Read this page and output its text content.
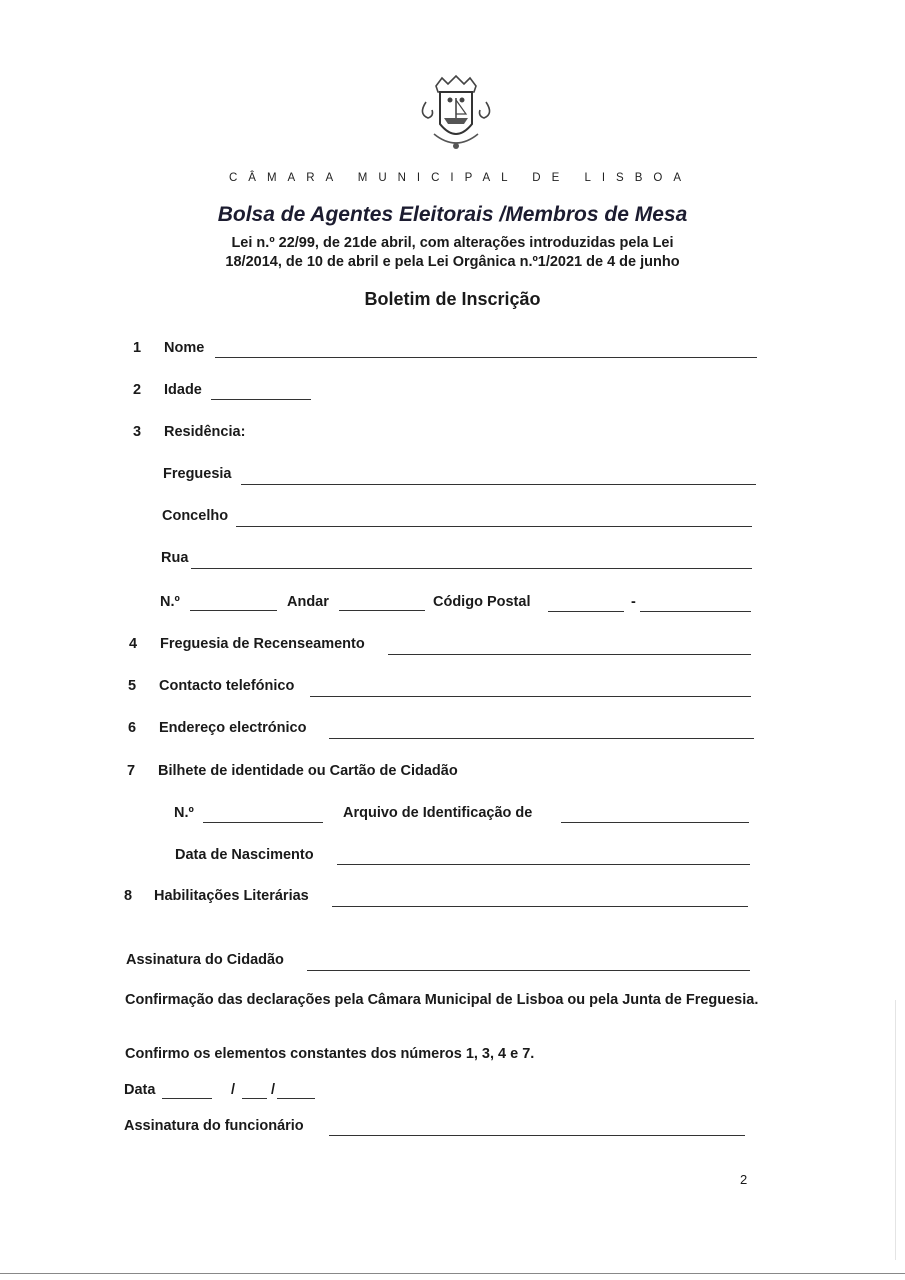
CÂMARA MUNICIPAL DE LISBOA
Bolsa de Agentes Eleitorais /Membros de Mesa
Lei n.º 22/99, de 21de abril, com alterações introduzidas pela Lei
18/2014, de 10 de abril e pela Lei Orgânica n.º1/2021 de 4 de junho
Boletim de Inscrição
1 Nome
2 Idade
3 Residência:
Freguesia
Concelho
Rua
N.º	Andar	Código Postal	-
4 Freguesia de Recenseamento
5 Contacto telefónico
6 Endereço electrónico
7 Bilhete de identidade ou Cartão de Cidadão
N.º	Arquivo de Identificação de
Data de Nascimento
8 Habilitações Literárias
Assinatura do Cidadão
Confirmação das declarações pela Câmara Municipal de Lisboa ou pela Junta de Freguesia.
Confirmo os elementos constantes dos números 1, 3, 4 e 7.
Data	/ /
Assinatura do funcionário
2
